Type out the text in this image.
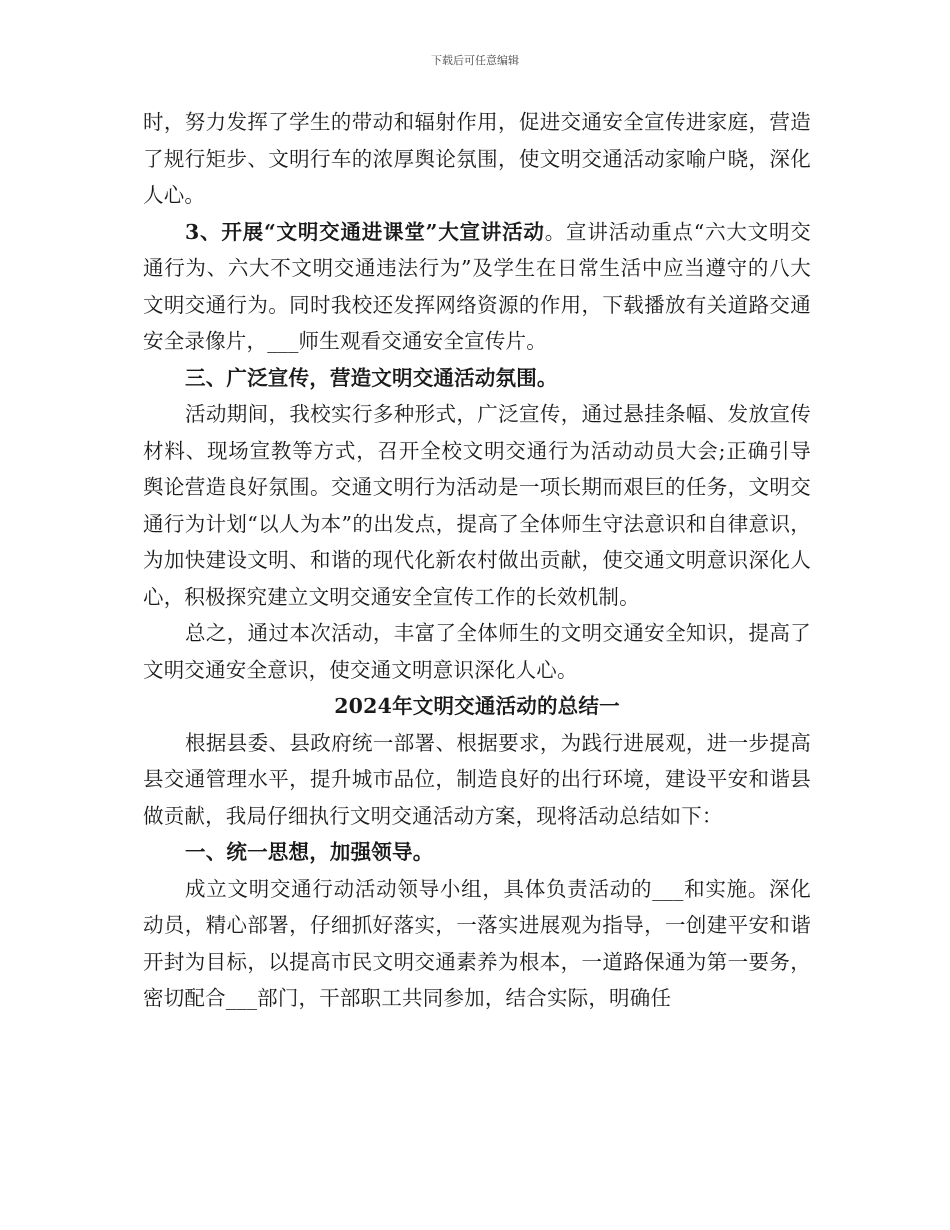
下载后可任意编辑

时，努力发挥了学生的带动和辐射作用，促进交通安全宣传进家庭，营造了规行矩步、文明行车的浓厚舆论氛围，使文明交通活动家喻户晓，深化人心。

3、开展“文明交通进课堂”大宣讲活动。宣讲活动重点“六大文明交通行为、六大不文明交通违法行为”及学生在日常生活中应当遵守的八大文明交通行为。同时我校还发挥网络资源的作用，下载播放有关道路交通安全录像片，___师生观看交通安全宣传片。

三、广泛宣传，营造文明交通活动氛围。

活动期间，我校实行多种形式，广泛宣传，通过悬挂条幅、发放宣传材料、现场宣教等方式，召开全校文明交通行为活动动员大会;正确引导舆论营造良好氛围。交通文明行为活动是一项长期而艰巨的任务，文明交通行为计划“以人为本”的出发点，提高了全体师生守法意识和自律意识，为加快建设文明、和谐的现代化新农村做出贡献，使交通文明意识深化人心，积极探究建立文明交通安全宣传工作的长效机制。

总之，通过本次活动，丰富了全体师生的文明交通安全知识，提高了文明交通安全意识，使交通文明意识深化人心。

2024年文明交通活动的总结一

根据县委、县政府统一部署、根据要求，为践行进展观，进一步提高县交通管理水平，提升城市品位，制造良好的出行环境，建设平安和谐县做贡献，我局仔细执行文明交通活动方案，现将活动总结如下：

一、统一思想，加强领导。

成立文明交通行动活动领导小组，具体负责活动的___和实施。深化动员，精心部署，仔细抓好落实，一落实进展观为指导，一创建平安和谐开封为目标，以提高市民文明交通素养为根本，一道路保通为第一要务，密切配合___部门，干部职工共同参加，结合实际，明确任
